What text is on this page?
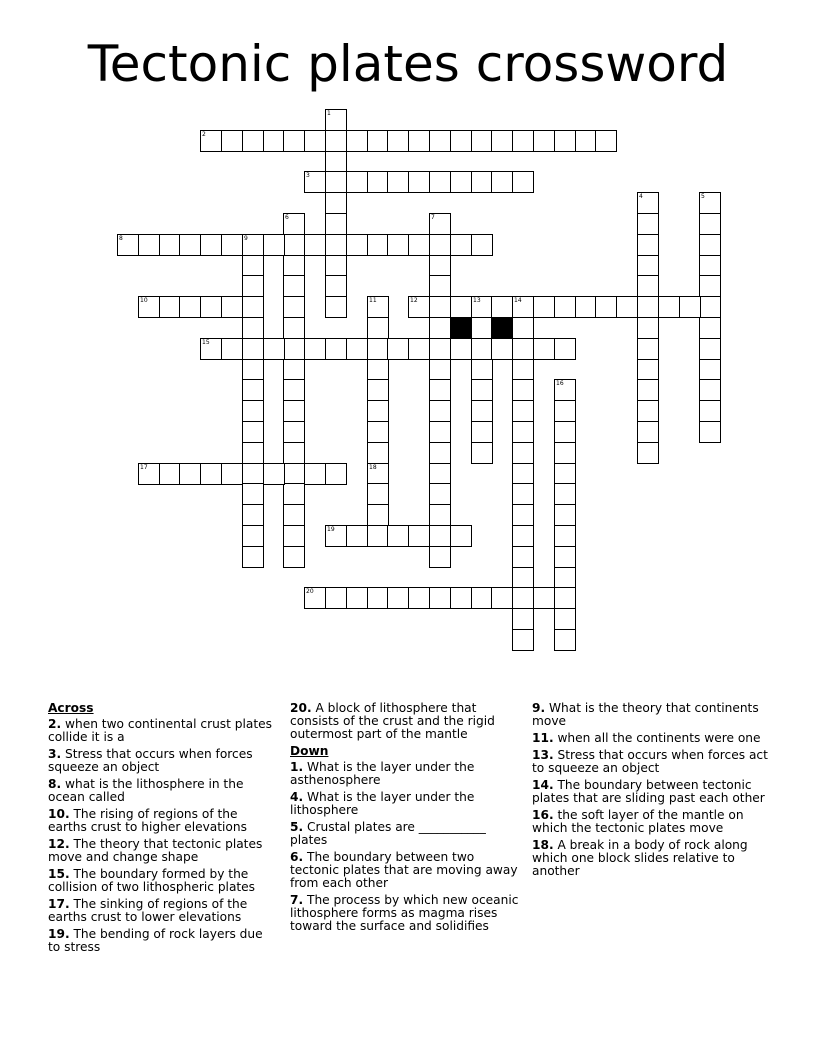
Tectonic plates crossword
1
2
3
4	5
6	7
8	9
10	11	12	13	14
15
16
17	18
19
20
Across
2. when two continental crust plates collide it is a
3. Stress that occurs when forces squeeze an object
8. what is the lithosphere in the ocean called
10. The rising of regions of the earths crust to higher elevations
12. The theory that tectonic plates move and change shape
15. The boundary formed by the collision of two lithospheric plates
17. The sinking of regions of the earths crust to lower elevations
19. The bending of rock layers due to stress
20. A block of lithosphere that consists of the crust and the rigid outermost part of the mantle
Down
1. What is the layer under the asthenosphere
4. What is the layer under the lithosphere
5. Crustal plates are ___________ plates
6. The boundary between two tectonic plates that are moving away from each other
7. The process by which new oceanic lithosphere forms as magma rises toward the surface and solidifies
9. What is the theory that continents move
11. when all the continents were one
13. Stress that occurs when forces act to squeeze an object
14. The boundary between tectonic plates that are sliding past each other
16. the soft layer of the mantle on which the tectonic plates move
18. A break in a body of rock along which one block slides relative to another
